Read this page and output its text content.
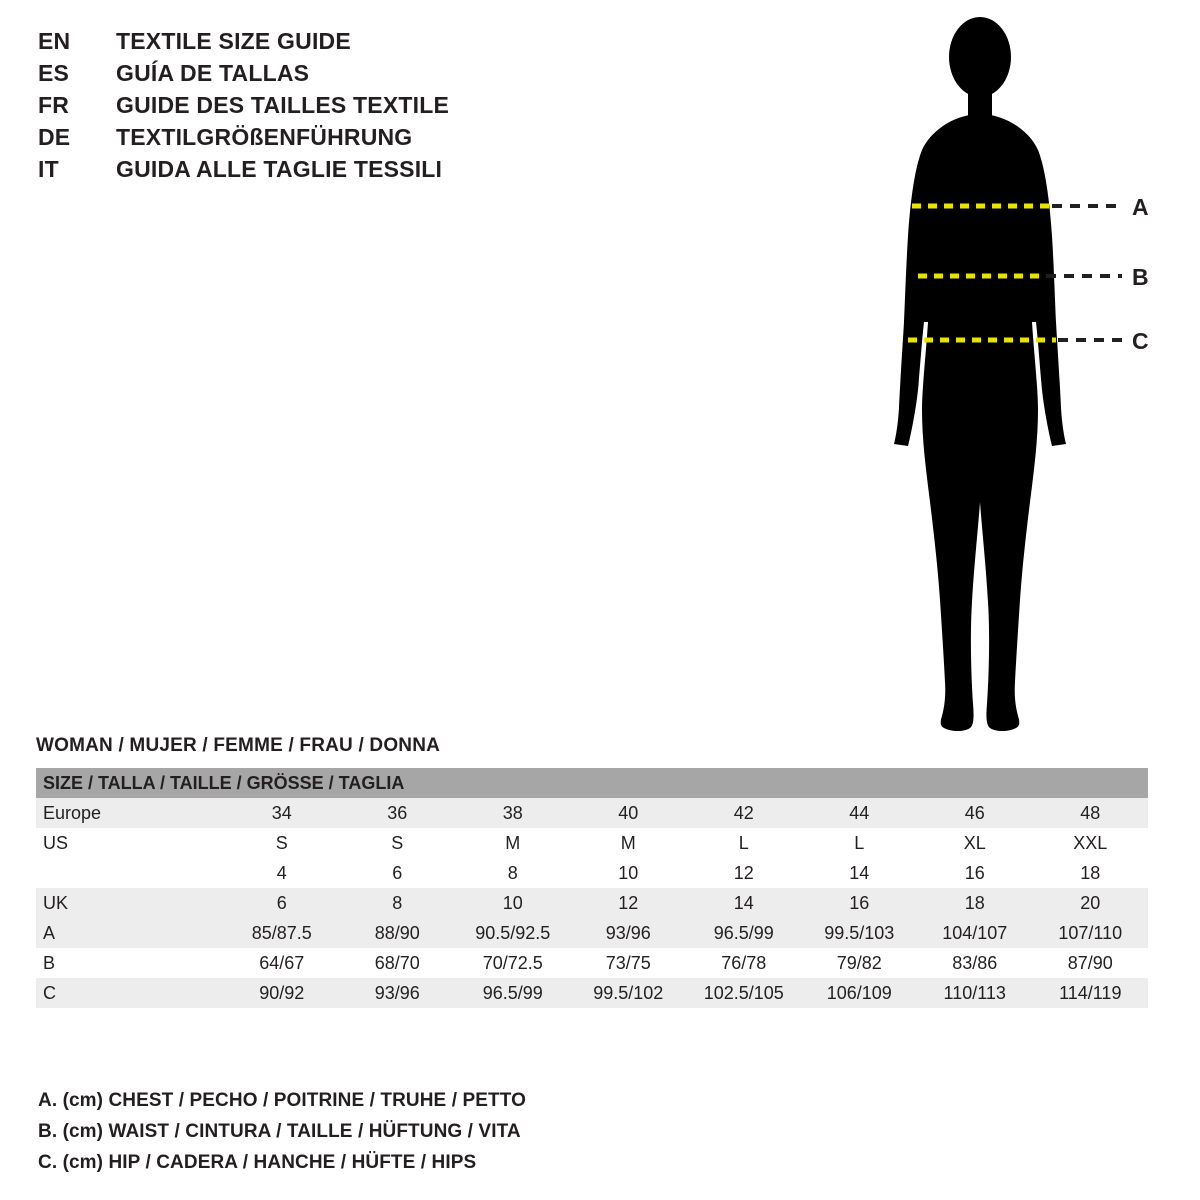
EN	TEXTILE SIZE GUIDE
ES	GUÍA DE TALLAS
FR	GUIDE DES TAILLES TEXTILE
DE	TEXTILGRÖßENFÜHRUNG
IT	GUIDA ALLE TAGLIE TESSILI
A
B
C
WOMAN / MUJER / FEMME / FRAU / DONNA
SIZE / TALLA / TAILLE / GRÖSSE / TAGLIA								
Europe	34	36	38	40	42	44	46	48
US	S	S	M	M	L	L	XL	XXL
	4	6	8	10	12	14	16	18
UK	6	8	10	12	14	16	18	20
A	85/87.5	88/90	90.5/92.5	93/96	96.5/99	99.5/103	104/107	107/110
B	64/67	68/70	70/72.5	73/75	76/78	79/82	83/86	87/90
C	90/92	93/96	96.5/99	99.5/102	102.5/105	106/109	110/113	114/119
A. (cm) CHEST / PECHO / POITRINE / TRUHE / PETTO
B. (cm) WAIST / CINTURA / TAILLE / HÜFTUNG / VITA
C. (cm) HIP / CADERA / HANCHE / HÜFTE / HIPS
